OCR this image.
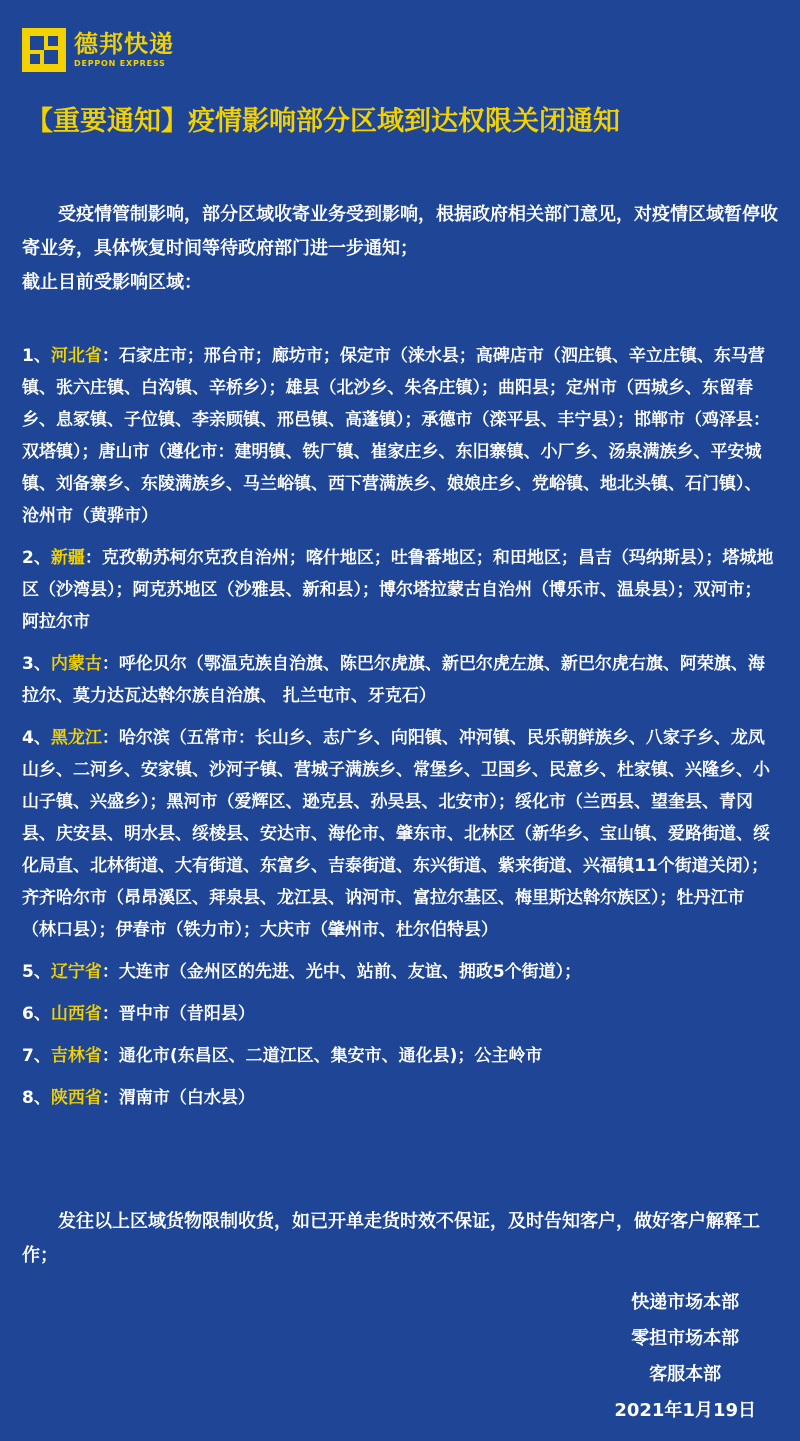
德邦快递
DEPPON EXPRESS
【重要通知】疫情影响部分区域到达权限关闭通知

受疫情管制影响，部分区域收寄业务受到影响，根据政府相关部门意见，对疫情区域暂停收寄业务，具体恢复时间等待政府部门进一步通知；

截止目前受影响区域：

1、河北省：石家庄市；邢台市；廊坊市；保定市（涞水县；高碑店市（泗庄镇、辛立庄镇、东马营镇、张六庄镇、白沟镇、辛桥乡）；雄县（北沙乡、朱各庄镇）；曲阳县；定州市（西城乡、东留春乡、息冢镇、子位镇、李亲顾镇、邢邑镇、高蓬镇）；承德市（滦平县、丰宁县）；邯郸市（鸡泽县：双塔镇）；唐山市（遵化市：建明镇、铁厂镇、崔家庄乡、东旧寨镇、小厂乡、汤泉满族乡、平安城镇、刘备寨乡、东陵满族乡、马兰峪镇、西下营满族乡、娘娘庄乡、党峪镇、地北头镇、石门镇）、沧州市（黄骅市）

2、新疆：克孜勒苏柯尔克孜自治州；喀什地区；吐鲁番地区；和田地区；昌吉（玛纳斯县）；塔城地区（沙湾县）；阿克苏地区（沙雅县、新和县）；博尔塔拉蒙古自治州（博乐市、温泉县）；双河市；阿拉尔市

3、内蒙古：呼伦贝尔（鄂温克族自治旗、陈巴尔虎旗、新巴尔虎左旗、新巴尔虎右旗、阿荣旗、海拉尔、莫力达瓦达斡尔族自治旗、 扎兰屯市、牙克石）

4、黑龙江：哈尔滨（五常市：长山乡、志广乡、向阳镇、冲河镇、民乐朝鲜族乡、八家子乡、龙凤山乡、二河乡、安家镇、沙河子镇、营城子满族乡、常堡乡、卫国乡、民意乡、杜家镇、兴隆乡、小山子镇、兴盛乡）；黑河市（爱辉区、逊克县、孙吴县、北安市）；绥化市（兰西县、望奎县、青冈县、庆安县、明水县、绥棱县、安达市、海伦市、肇东市、北林区（新华乡、宝山镇、爱路街道、绥化局直、北林街道、大有街道、东富乡、吉泰街道、东兴街道、紫来街道、兴福镇11个街道关闭）；齐齐哈尔市（昂昂溪区、拜泉县、龙江县、讷河市、富拉尔基区、梅里斯达斡尔族区）；牡丹江市（林口县）；伊春市（铁力市）；大庆市（肇州市、杜尔伯特县）

5、辽宁省：大连市（金州区的先进、光中、站前、友谊、拥政5个街道）；

6、山西省：晋中市（昔阳县）

7、吉林省：通化市(东昌区、二道江区、集安市、通化县)；公主岭市

8、陕西省：渭南市（白水县）

发往以上区域货物限制收货，如已开单走货时效不保证，及时告知客户，做好客户解释工作；
快递市场本部
零担市场本部
客服本部
2021年1月19日
